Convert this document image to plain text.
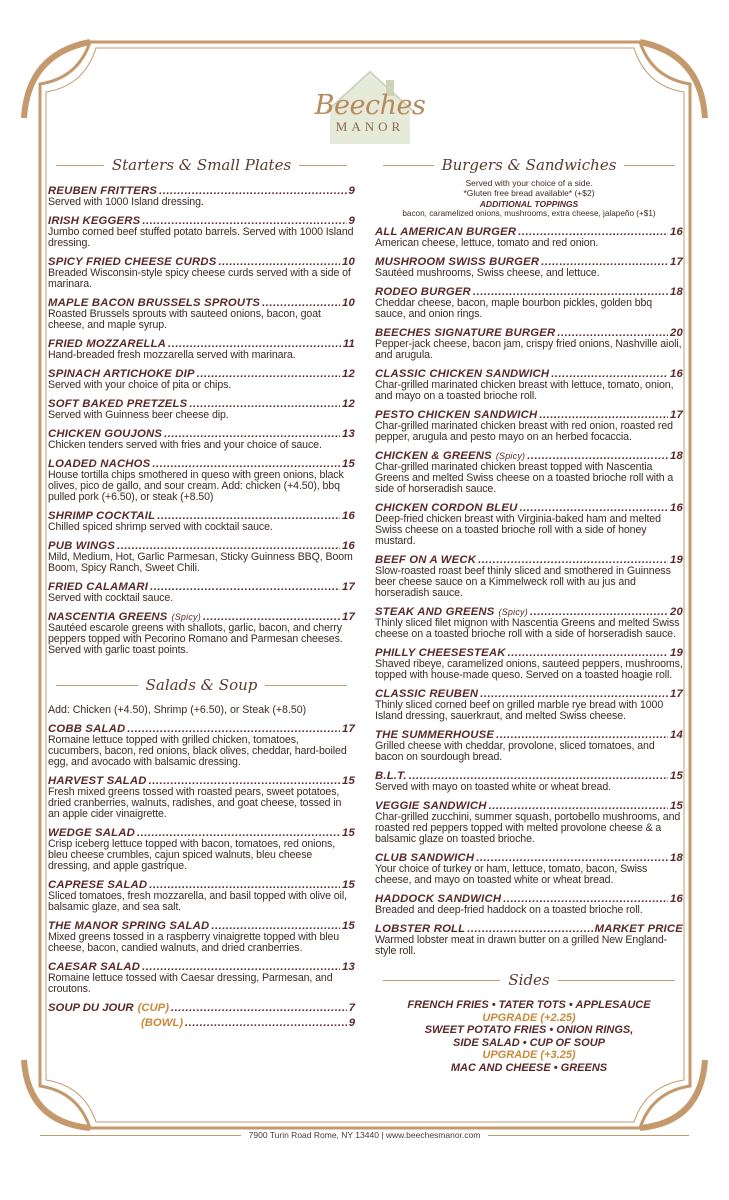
Beeches
MANOR
Starters & Small Plates
REUBEN FRITTERS .....	9
Served with 1000 Island dressing.
IRISH KEGGERS .....	9
Jumbo corned beef stuffed potato barrels. Served with 1000 Island dressing.
SPICY FRIED CHEESE CURDS .....	10
Breaded Wisconsin-style spicy cheese curds served with a side of marinara.
MAPLE BACON BRUSSELS SPROUTS .....	10
Roasted Brussels sprouts with sauteed onions, bacon, goat cheese, and maple syrup.
FRIED MOZZARELLA .....	11
Hand-breaded fresh mozzarella served with marinara.
SPINACH ARTICHOKE DIP .....	12
Served with your choice of pita or chips.
SOFT BAKED PRETZELS .....	12
Served with Guinness beer cheese dip.
CHICKEN GOUJONS .....	13
Chicken tenders served with fries and your choice of sauce.
LOADED NACHOS .....	15
House tortilla chips smothered in queso with green onions, black olives, pico de gallo, and sour cream. Add: chicken (+4.50), bbq pulled pork (+6.50), or steak (+8.50)
SHRIMP COCKTAIL .....	16
Chilled spiced shrimp served with cocktail sauce.
PUB WINGS .....	16
Mild, Medium, Hot, Garlic Parmesan, Sticky Guinness BBQ, Boom Boom, Spicy Ranch, Sweet Chili.
FRIED CALAMARI .....	17
Served with cocktail sauce.
NASCENTIA GREENS (Spicy) .....	17
Sautéed escarole greens with shallots, garlic, bacon, and cherry peppers topped with Pecorino Romano and Parmesan cheeses. Served with garlic toast points.
Salads & Soup
Add: Chicken (+4.50), Shrimp (+6.50), or Steak (+8.50)
COBB SALAD .....	17
Romaine lettuce topped with grilled chicken, tomatoes, cucumbers, bacon, red onions, black olives, cheddar, hard-boiled egg, and avocado with balsamic dressing.
HARVEST SALAD .....	15
Fresh mixed greens tossed with roasted pears, sweet potatoes, dried cranberries, walnuts, radishes, and goat cheese, tossed in an apple cider vinaigrette.
WEDGE SALAD .....	15
Crisp iceberg lettuce topped with bacon, tomatoes, red onions, bleu cheese crumbles, cajun spiced walnuts, bleu cheese dressing, and apple gastrique.
CAPRESE SALAD .....	15
Sliced tomatoes, fresh mozzarella, and basil topped with olive oil, balsamic glaze, and sea salt.
THE MANOR SPRING SALAD .....	15
Mixed greens tossed in a raspberry vinaigrette topped with bleu cheese, bacon, candied walnuts, and dried cranberries.
CAESAR SALAD .....	13
Romaine lettuce tossed with Caesar dressing, Parmesan, and croutons.
SOUP DU JOUR (CUP) .....	7
(BOWL) .....	9
Burgers & Sandwiches
Served with your choice of a side.
*Gluten free bread available* (+$2)
ADDITIONAL TOPPINGS
bacon, caramelized onions, mushrooms, extra cheese, jalapeño (+$1)
ALL AMERICAN BURGER .....	16
American cheese, lettuce, tomato and red onion.
MUSHROOM SWISS BURGER .....	17
Sautéed mushrooms, Swiss cheese, and lettuce.
RODEO BURGER .....	18
Cheddar cheese, bacon, maple bourbon pickles, golden bbq sauce, and onion rings.
BEECHES SIGNATURE BURGER .....	20
Pepper-jack cheese, bacon jam, crispy fried onions, Nashville aioli, and arugula.
CLASSIC CHICKEN SANDWICH .....	16
Char-grilled marinated chicken breast with lettuce, tomato, onion, and mayo on a toasted brioche roll.
PESTO CHICKEN SANDWICH .....	17
Char-grilled marinated chicken breast with red onion, roasted red pepper, arugula and pesto mayo on an herbed focaccia.
CHICKEN & GREENS (Spicy) .....	18
Char-grilled marinated chicken breast topped with Nascentia Greens and melted Swiss cheese on a toasted brioche roll with a side of horseradish sauce.
CHICKEN CORDON BLEU .....	16
Deep-fried chicken breast with Virginia-baked ham and melted Swiss cheese on a toasted brioche roll with a side of honey mustard.
BEEF ON A WECK .....	19
Slow-roasted roast beef thinly sliced and smothered in Guinness beer cheese sauce on a Kimmelweck roll with au jus and horseradish sauce.
STEAK AND GREENS (Spicy) .....	20
Thinly sliced filet mignon with Nascentia Greens and melted Swiss cheese on a toasted brioche roll with a side of horseradish sauce.
PHILLY CHEESESTEAK .....	19
Shaved ribeye, caramelized onions, sauteed peppers, mushrooms, topped with house-made queso. Served on a toasted hoagie roll.
CLASSIC REUBEN .....	17
Thinly sliced corned beef on grilled marble rye bread with 1000 Island dressing, sauerkraut, and melted Swiss cheese.
THE SUMMERHOUSE .....	14
Grilled cheese with cheddar, provolone, sliced tomatoes, and bacon on sourdough bread.
B.L.T. .....	15
Served with mayo on toasted white or wheat bread.
VEGGIE SANDWICH .....	15
Char-grilled zucchini, summer squash, portobello mushrooms, and roasted red peppers topped with melted provolone cheese & a balsamic glaze on toasted brioche.
CLUB SANDWICH .....	18
Your choice of turkey or ham, lettuce, tomato, bacon, Swiss cheese, and mayo on toasted white or wheat bread.
HADDOCK SANDWICH .....	16
Breaded and deep-fried haddock on a toasted brioche roll.
LOBSTER ROLL .....	MARKET PRICE
Warmed lobster meat in drawn butter on a grilled New England-style roll.
Sides
FRENCH FRIES • TATER TOTS • APPLESAUCE
UPGRADE (+2.25)
SWEET POTATO FRIES • ONION RINGS,
SIDE SALAD • CUP OF SOUP
UPGRADE (+3.25)
MAC AND CHEESE • GREENS
7900 Turin Road Rome, NY 13440 | www.beechesmanor.com
